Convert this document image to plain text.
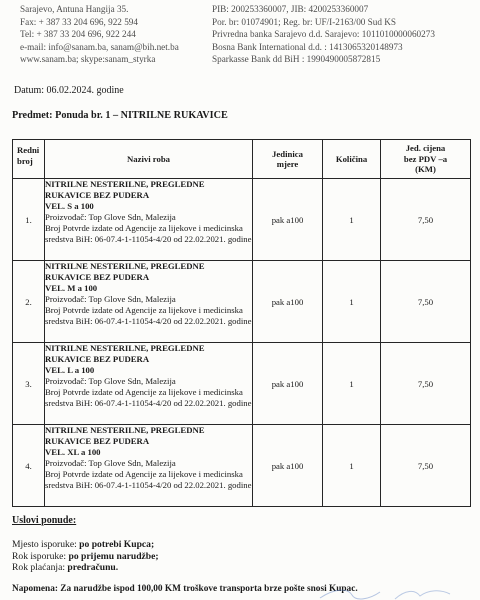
Sarajevo, Antuna Hangija 35.
Fax: + 387 33 204 696, 922 594
Tel: + 387 33 204 696, 922 244
e-mail: info@sanam.ba, sanam@bih.net.ba
www.sanam.ba; skype:sanam_styrka
PIB: 200253360007, JIB: 4200253360007
Por. br: 01074901; Reg. br: UF/I-2163/00 Sud KS
Privredna banka Sarajevo d.d. Sarajevo: 1011010000060273
Bosna Bank International d.d. : 1413065320148973
Sparkasse Bank dd BiH : 1990490005872815
Datum: 06.02.2024. godine
Predmet: Ponuda br. 1 – NITRILNE RUKAVICE
Redni
broj	Nazivi roba	Jedinica
mjere	Količina	Jed. cijena
bez PDV –a
(KM)

1.	NITRILNE NESTERILNE, PREGLEDNE RUKAVICE BEZ PUDERA
VEL. S a 100
Proizvođač: Top Glove Sdn, Malezija
Broj Potvrde izdate od Agencije za lijekove i medicinska sredstva BiH: 06-07.4-1-11054-4/20 od 22.02.2021. godine	pak a100	1	7,50
2.	NITRILNE NESTERILNE, PREGLEDNE RUKAVICE BEZ PUDERA
VEL. M a 100
Proizvođač: Top Glove Sdn, Malezija
Broj Potvrde izdate od Agencije za lijekove i medicinska sredstva BiH: 06-07.4-1-11054-4/20 od 22.02.2021. godine	pak a100	1	7,50
3.	NITRILNE NESTERILNE, PREGLEDNE RUKAVICE BEZ PUDERA
VEL. L a 100
Proizvođač: Top Glove Sdn, Malezija
Broj Potvrde izdate od Agencije za lijekove i medicinska sredstva BiH: 06-07.4-1-11054-4/20 od 22.02.2021. godine	pak a100	1	7,50
4.	NITRILNE NESTERILNE, PREGLEDNE RUKAVICE BEZ PUDERA
VEL. XL a 100
Proizvođač: Top Glove Sdn, Malezija
Broj Potvrde izdate od Agencije za lijekove i medicinska sredstva BiH: 06-07.4-1-11054-4/20 od 22.02.2021. godine	pak a100	1	7,50
Uslovi ponude:
Mjesto isporuke: po potrebi Kupca;
Rok isporuke: po prijemu narudžbe;
Rok plaćanja: predračunu.
Napomena: Za narudžbe ispod 100,00 KM troškove transporta brze pošte snosi Kupac.
